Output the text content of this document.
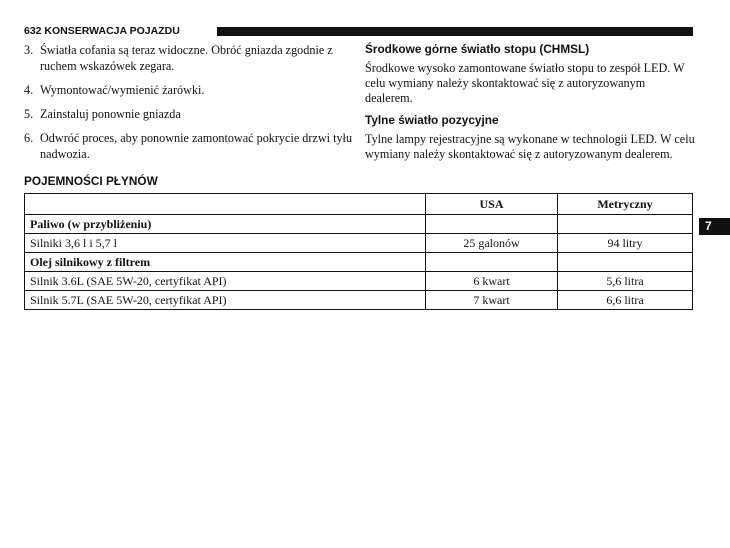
632 KONSERWACJA POJAZDU
3. Światła cofania są teraz widoczne. Obróć gniazda zgodnie z ruchem wskazówek zegara.
4. Wymontować/wymienić żarówki.
5. Zainstaluj ponownie gniazda
6. Odwróć proces, aby ponownie zamontować pokrycie drzwi tyłu nadwozia.
POJEMNOŚCI PŁYNÓW
Środkowe gόrne światło stopu (CHMSL)
Środkowe wysoko zamontowane światło stopu to zespół LED. W celu wymiany należy skontaktować się z autoryzowanym dealerem.
Tylne światło pozycyjne
Tylne lampy rejestracyjne są wykonane w technologii LED. W celu wymiany należy skontaktować się z autoryzowanym dealerem.
	USA	Metryczny
Paliwo (w przybliżeniu)		
Silniki 3,6 l i 5,7 l	25 galonów	94 litry
Olej silnikowy z filtrem		
Silnik 3.6L (SAE 5W-20, certyfikat API)	6 kwart	5,6 litra
Silnik 5.7L (SAE 5W-20, certyfikat API)	7 kwart	6,6 litra
7
